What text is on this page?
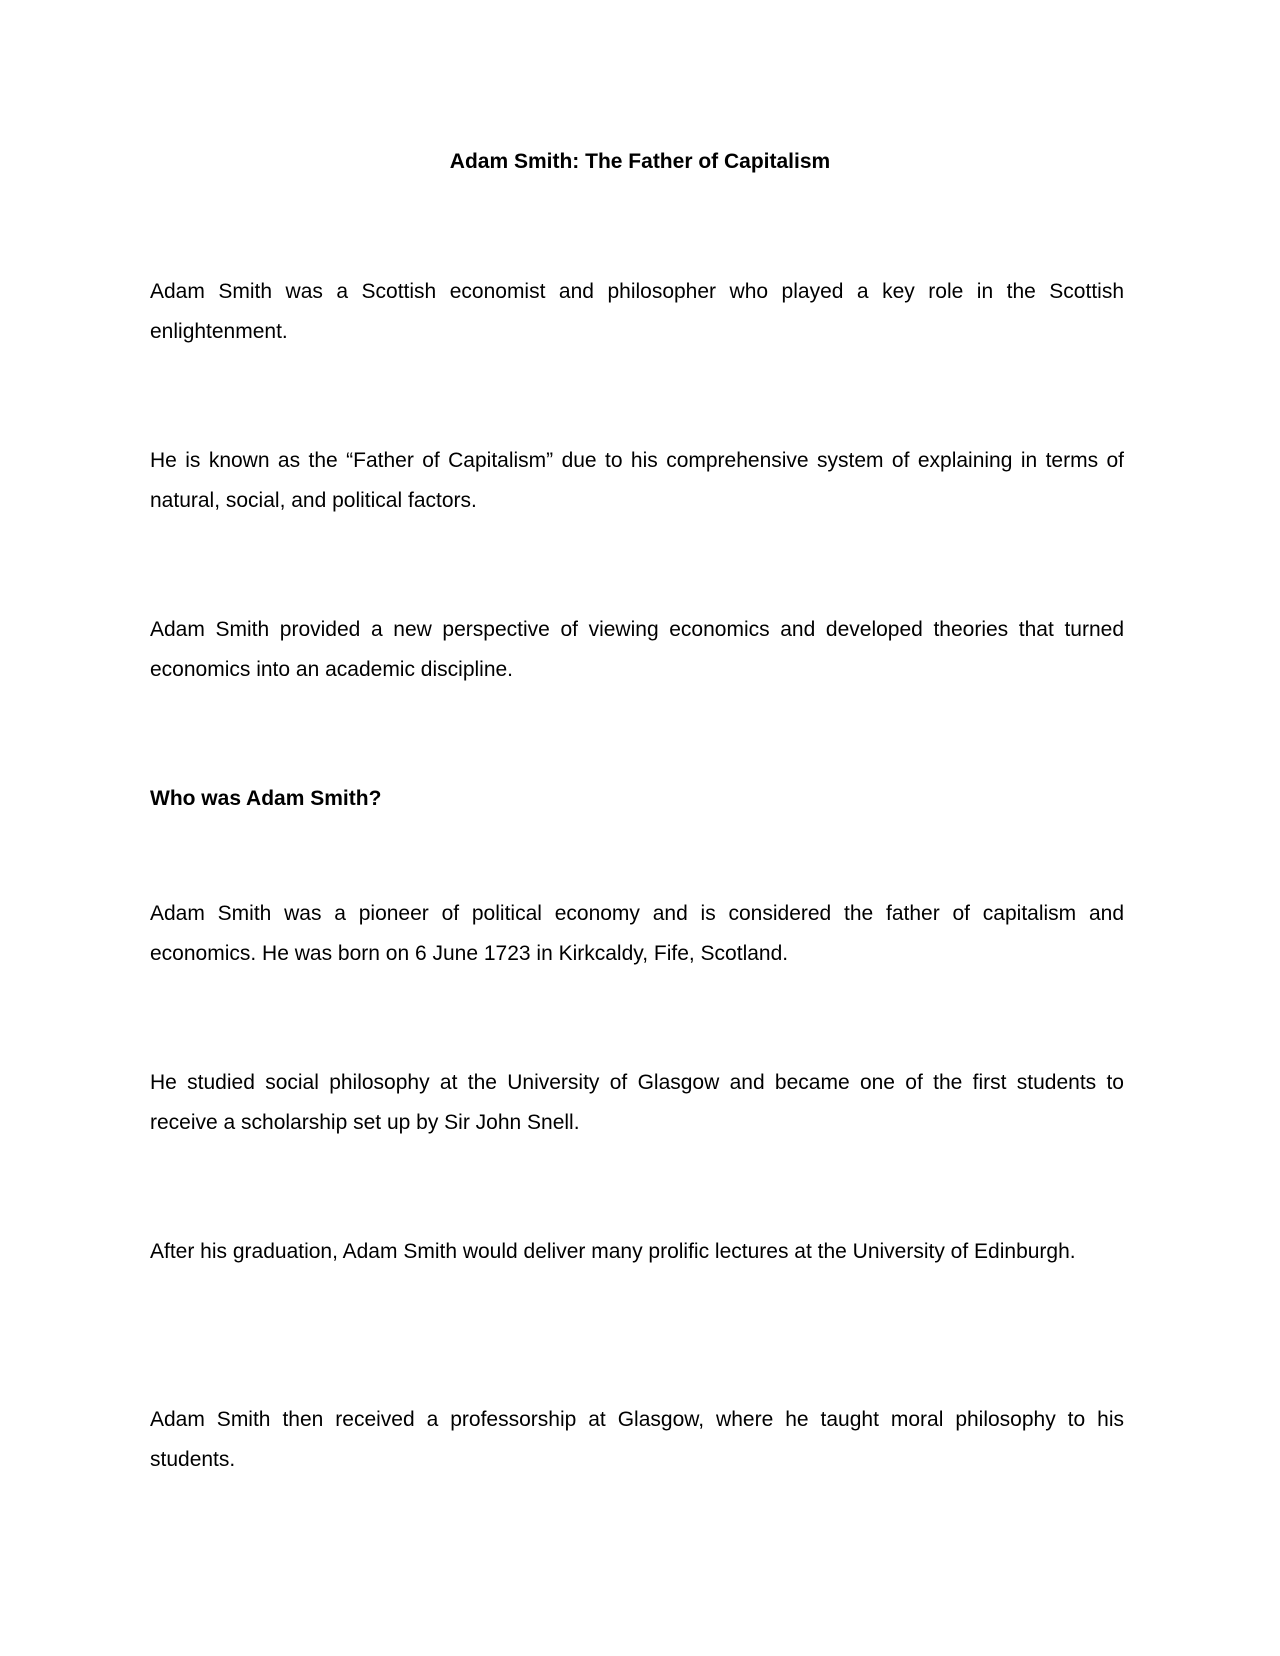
Adam Smith: The Father of Capitalism

Adam Smith was a Scottish economist and philosopher who played a key role in the Scottish enlightenment.

He is known as the “Father of Capitalism” due to his comprehensive system of explaining in terms of natural, social, and political factors.

Adam Smith provided a new perspective of viewing economics and developed theories that turned economics into an academic discipline.

Who was Adam Smith?

Adam Smith was a pioneer of political economy and is considered the father of capitalism and economics. He was born on 6 June 1723 in Kirkcaldy, Fife, Scotland.

He studied social philosophy at the University of Glasgow and became one of the first students to receive a scholarship set up by Sir John Snell.

After his graduation, Adam Smith would deliver many prolific lectures at the University of Edinburgh.

Adam Smith then received a professorship at Glasgow, where he taught moral philosophy to his students.
